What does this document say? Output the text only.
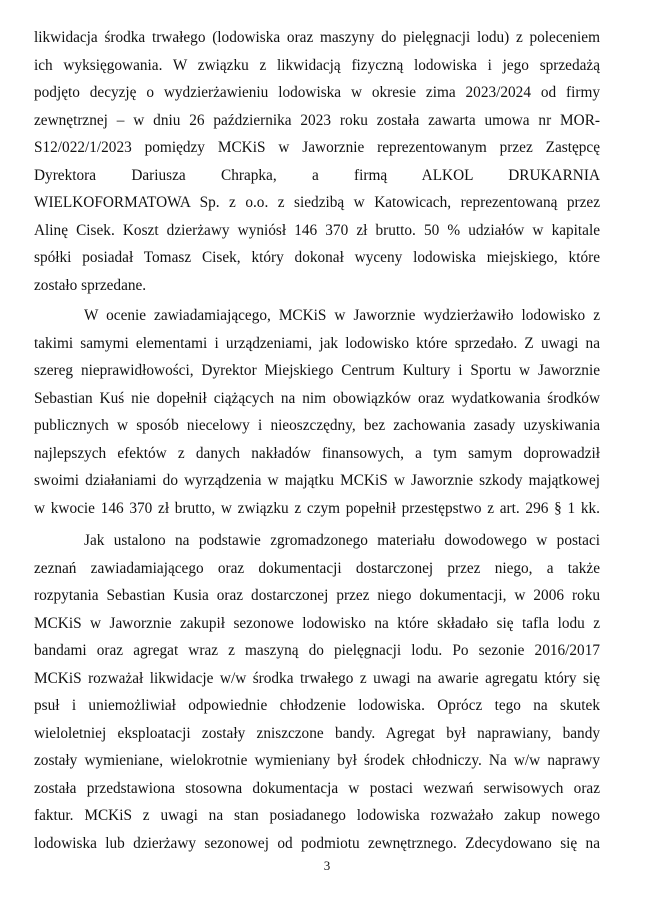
likwidacja środka trwałego (lodowiska oraz maszyny do pielęgnacji lodu) z poleceniem
ich wyksięgowania. W związku z likwidacją fizyczną lodowiska i jego sprzedażą
podjęto decyzję o wydzierżawieniu lodowiska w okresie zima 2023/2024 od firmy
zewnętrznej – w dniu 26 października 2023 roku została zawarta umowa nr MOR-
S12/022/1/2023 pomiędzy MCKiS w Jaworznie reprezentowanym przez Zastępcę
Dyrektora Dariusza Chrapka, a firmą ALKOL DRUKARNIA
WIELKOFORMATOWA Sp. z o.o. z siedzibą w Katowicach, reprezentowaną przez
Alinę Cisek. Koszt dzierżawy wyniósł 146 370 zł brutto. 50 % udziałów w kapitale
spółki posiadał Tomasz Cisek, który dokonał wyceny lodowiska miejskiego, które
zostało sprzedane.
W ocenie zawiadamiającego, MCKiS w Jaworznie wydzierżawiło lodowisko z
takimi samymi elementami i urządzeniami, jak lodowisko które sprzedało. Z uwagi na
szereg nieprawidłowości, Dyrektor Miejskiego Centrum Kultury i Sportu w Jaworznie
Sebastian Kuś nie dopełnił ciążących na nim obowiązków oraz wydatkowania środków
publicznych w sposób niecelowy i nieoszczędny, bez zachowania zasady uzyskiwania
najlepszych efektów z danych nakładów finansowych, a tym samym doprowadził
swoimi działaniami do wyrządzenia w majątku MCKiS w Jaworznie szkody majątkowej
w kwocie 146 370 zł brutto, w związku z czym popełnił przestępstwo z art. 296 § 1 kk.
Jak ustalono na podstawie zgromadzonego materiału dowodowego w postaci
zeznań zawiadamiającego oraz dokumentacji dostarczonej przez niego, a także
rozpytania Sebastian Kusia oraz dostarczonej przez niego dokumentacji, w 2006 roku
MCKiS w Jaworznie zakupił sezonowe lodowisko na które składało się tafla lodu z
bandami oraz agregat wraz z maszyną do pielęgnacji lodu. Po sezonie 2016/2017
MCKiS rozważał likwidacje w/w środka trwałego z uwagi na awarie agregatu który się
psuł i uniemożliwiał odpowiednie chłodzenie lodowiska. Oprócz tego na skutek
wieloletniej eksploatacji zostały zniszczone bandy. Agregat był naprawiany, bandy
zostały wymieniane, wielokrotnie wymieniany był środek chłodniczy. Na w/w naprawy
została przedstawiona stosowna dokumentacja w postaci wezwań serwisowych oraz
faktur. MCKiS z uwagi na stan posiadanego lodowiska rozważało zakup nowego
lodowiska lub dzierżawy sezonowej od podmiotu zewnętrznego. Zdecydowano się na
3
